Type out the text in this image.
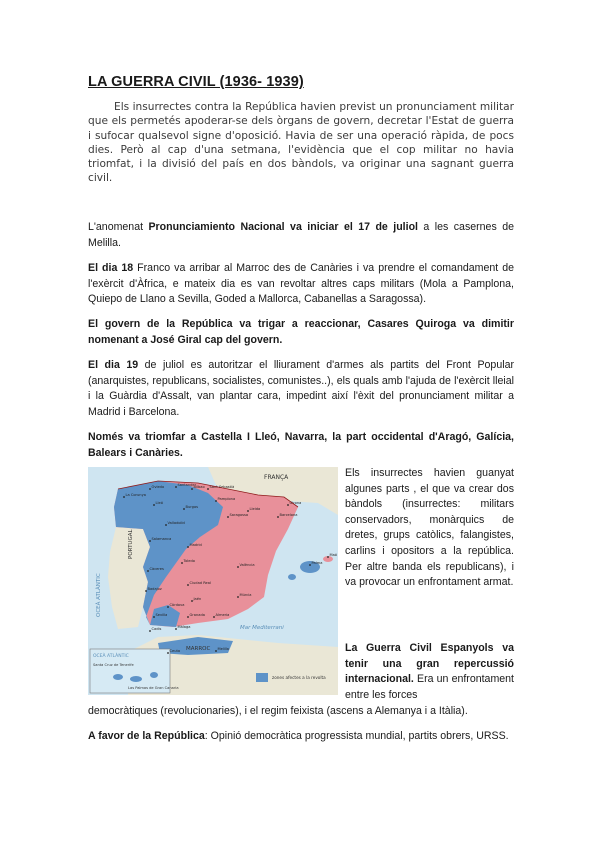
LA GUERRA CIVIL (1936- 1939)

Els insurrectes contra la República havien previst un pronunciament militar que els permetés apoderar-se dels òrgans de govern, decretar l'Estat de guerra i sufocar qualsevol signe d'oposició. Havia de ser una operació ràpida, de pocs dies. Però al cap d'una setmana, l'evidència que el cop militar no havia triomfat, i la divisió del país en dos bàndols, va originar una sagnant guerra civil.

L'anomenat Pronunciamiento Nacional va iniciar el 17 de juliol a les casernes de Melilla.

El dia 18 Franco va arribar al Marroc des de Canàries i va prendre el comandament de l'exèrcit d'Àfrica, e mateix dia es van revoltar altres caps militars (Mola a Pamplona, Quiepo de Llano a Sevilla, Goded a Mallorca, Cabanellas a Saragossa).

El govern de la República va trigar a reaccionar, Casares Quiroga va dimitir nomenant a José Giral cap del govern.

El dia 19 de juliol es autoritzar el lliurament d'armes als partits del Front Popular (anarquistes, republicans, socialistes, comunistes..), els quals amb l'ajuda de l'exèrcit lleial i la Guàrdia d'Assalt, van plantar cara, impedint així l'èxit del pronunciament militar a Madrid i Barcelona.

Només va triomfar a Castella I Lleó, Navarra, la part occidental d'Aragó, Galícia, Balears i Canàries.

FRANÇA
PORTUGAL
OCEÀ ATLÀNTIC
Mar Mediterrani
MARROC
OCEÀ ATLÀNTIC
Santa Cruz de Tenerife
Las Palmas de Gran Canaria
zones afectes a la revolta
La Corunya
Oviedo	Santander
Bilbao Sant Sebastià
Pamplona
Burgos
Lleó
Valladolid
Saragossa
Lleida
Barcelona
Girona
Salamanca
Madrid
Càceres
Toledo
Ciudad Real
València
Badajoz
Còrdova
Jaén
Múrcia
Sevilla	Granada	Almeria
Màlaga
Cadis
Ceuta	Melilla
Palma
Maó

Els insurrectes havien guanyat algunes parts , el que va crear dos bàndols (insurrectes: militars conservadors, monàrquics de dretes, grups catòlics, falangistes, carlins i opositors a la república. Per altre banda els republicans), i va provocar un enfrontament armat.

La Guerra Civil Espanyols va tenir una gran repercussió internacional. Era un enfrontament entre les forces

democràtiques (revolucionaries), i el regim feixista (ascens a Alemanya i a Itàlia).

A favor de la República: Opinió democràtica progressista mundial, partits obrers, URSS.
